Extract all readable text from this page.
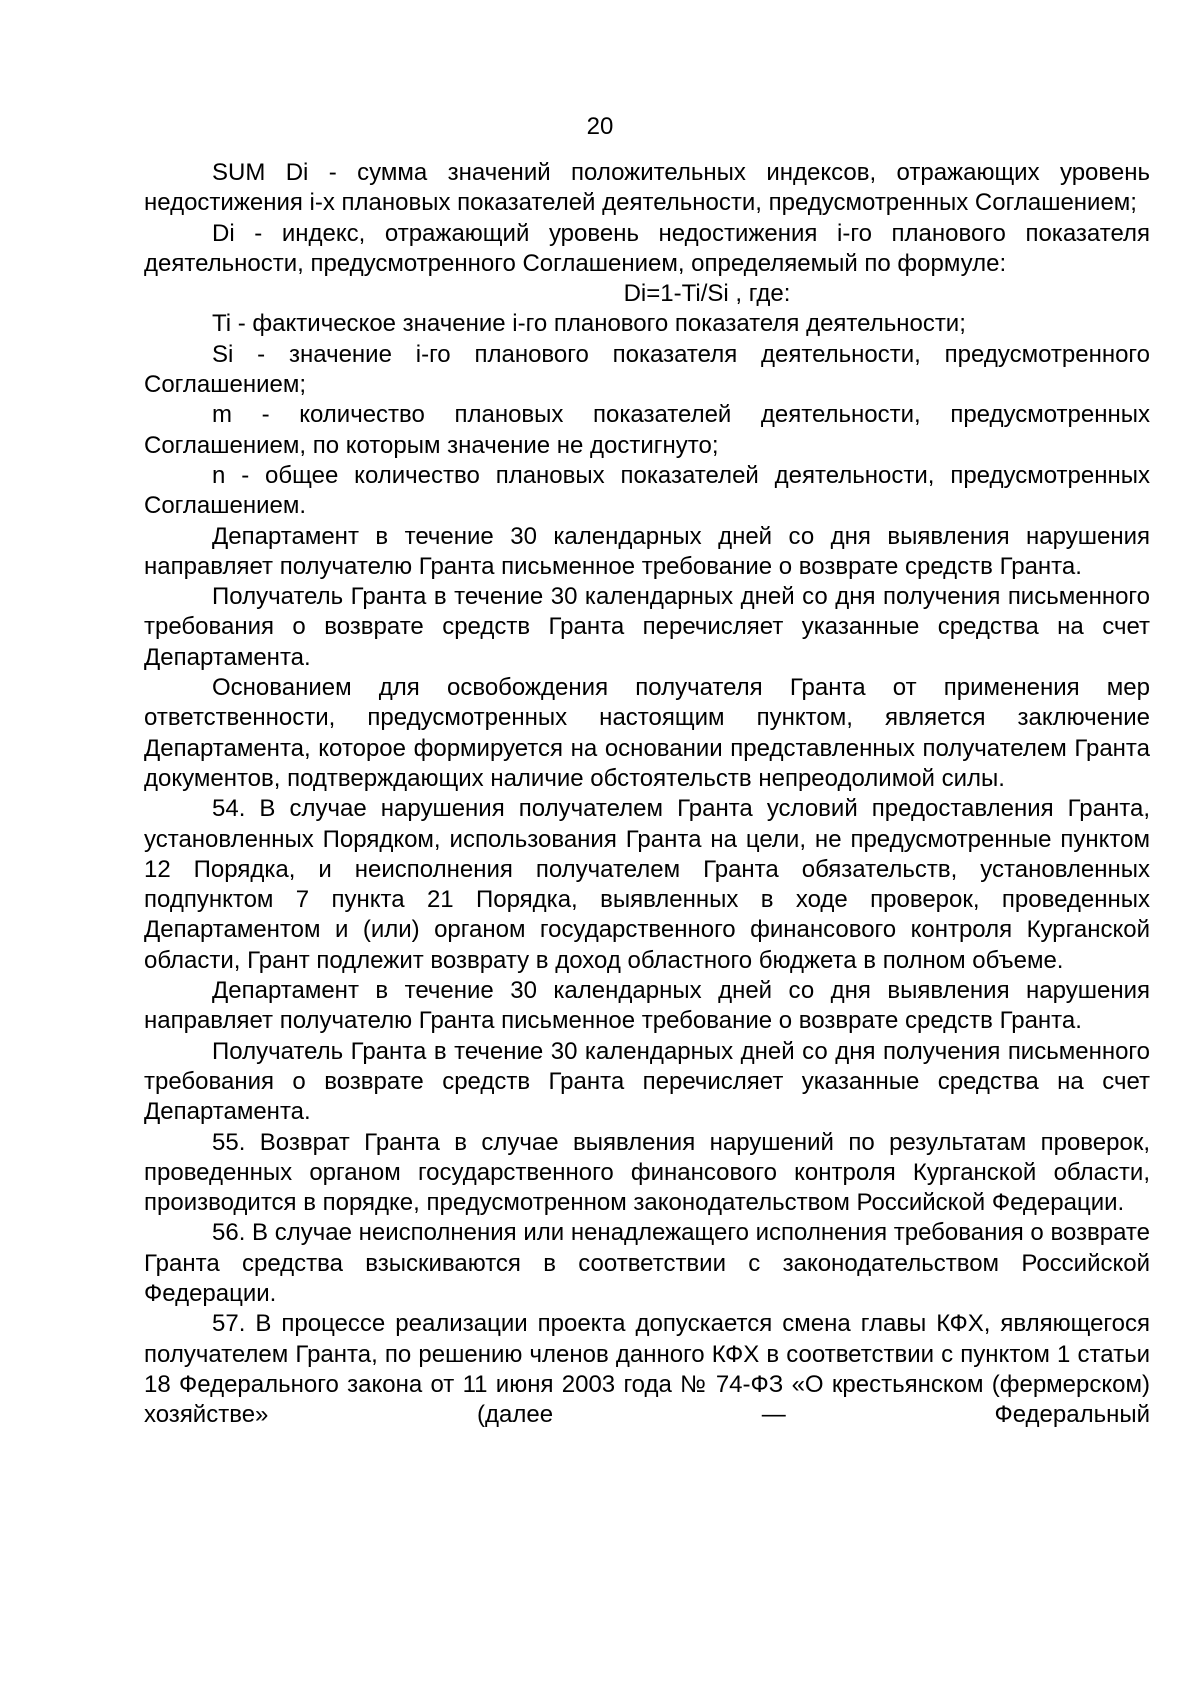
20

SUM Di - сумма значений положительных индексов, отражающих уровень недостижения i-х плановых показателей деятельности, предусмотренных Соглашением;

Di - индекс, отражающий уровень недостижения i-го планового показателя деятельности, предусмотренного Соглашением, определяемый по формуле:

Di=1-Ti/Si , где:

Ti - фактическое значение i-го планового показателя деятельности;

Si - значение i-го планового показателя деятельности, предусмотренного Соглашением;

m - количество плановых показателей деятельности, предусмотренных Соглашением, по которым значение не достигнуто;

n - общее количество плановых показателей деятельности, предусмотренных Соглашением.

Департамент в течение 30 календарных дней со дня выявления нарушения направляет получателю Гранта письменное требование о возврате средств Гранта.

Получатель Гранта в течение 30 календарных дней со дня получения письменного требования о возврате средств Гранта перечисляет указанные средства на счет Департамента.

Основанием для освобождения получателя Гранта от применения мер ответственности, предусмотренных настоящим пунктом, является заключение Департамента, которое формируется на основании представленных получателем Гранта документов, подтверждающих наличие обстоятельств непреодолимой силы.

54. В случае нарушения получателем Гранта условий предоставления Гранта, установленных Порядком, использования Гранта на цели, не предусмотренные пунктом 12 Порядка, и неисполнения получателем Гранта обязательств, установленных подпунктом 7 пункта 21 Порядка, выявленных в ходе проверок, проведенных Департаментом и (или) органом государственного финансового контроля Курганской области, Грант подлежит возврату в доход областного бюджета в полном объеме.

Департамент в течение 30 календарных дней со дня выявления нарушения направляет получателю Гранта письменное требование о возврате средств Гранта.

Получатель Гранта в течение 30 календарных дней со дня получения письменного требования о возврате средств Гранта перечисляет указанные средства на счет Департамента.

55. Возврат Гранта в случае выявления нарушений по результатам проверок, проведенных органом государственного финансового контроля Курганской области, производится в порядке, предусмотренном законодательством Российской Федерации.

56. В случае неисполнения или ненадлежащего исполнения требования о возврате Гранта средства взыскиваются в соответствии с законодательством Российской Федерации.

57. В процессе реализации проекта допускается смена главы КФХ, являющегося получателем Гранта, по решению членов данного КФХ в соответствии с пунктом 1 статьи 18 Федерального закона от 11 июня 2003 года № 74-ФЗ «О крестьянском (фермерском) хозяйстве» (далее — Федеральный
